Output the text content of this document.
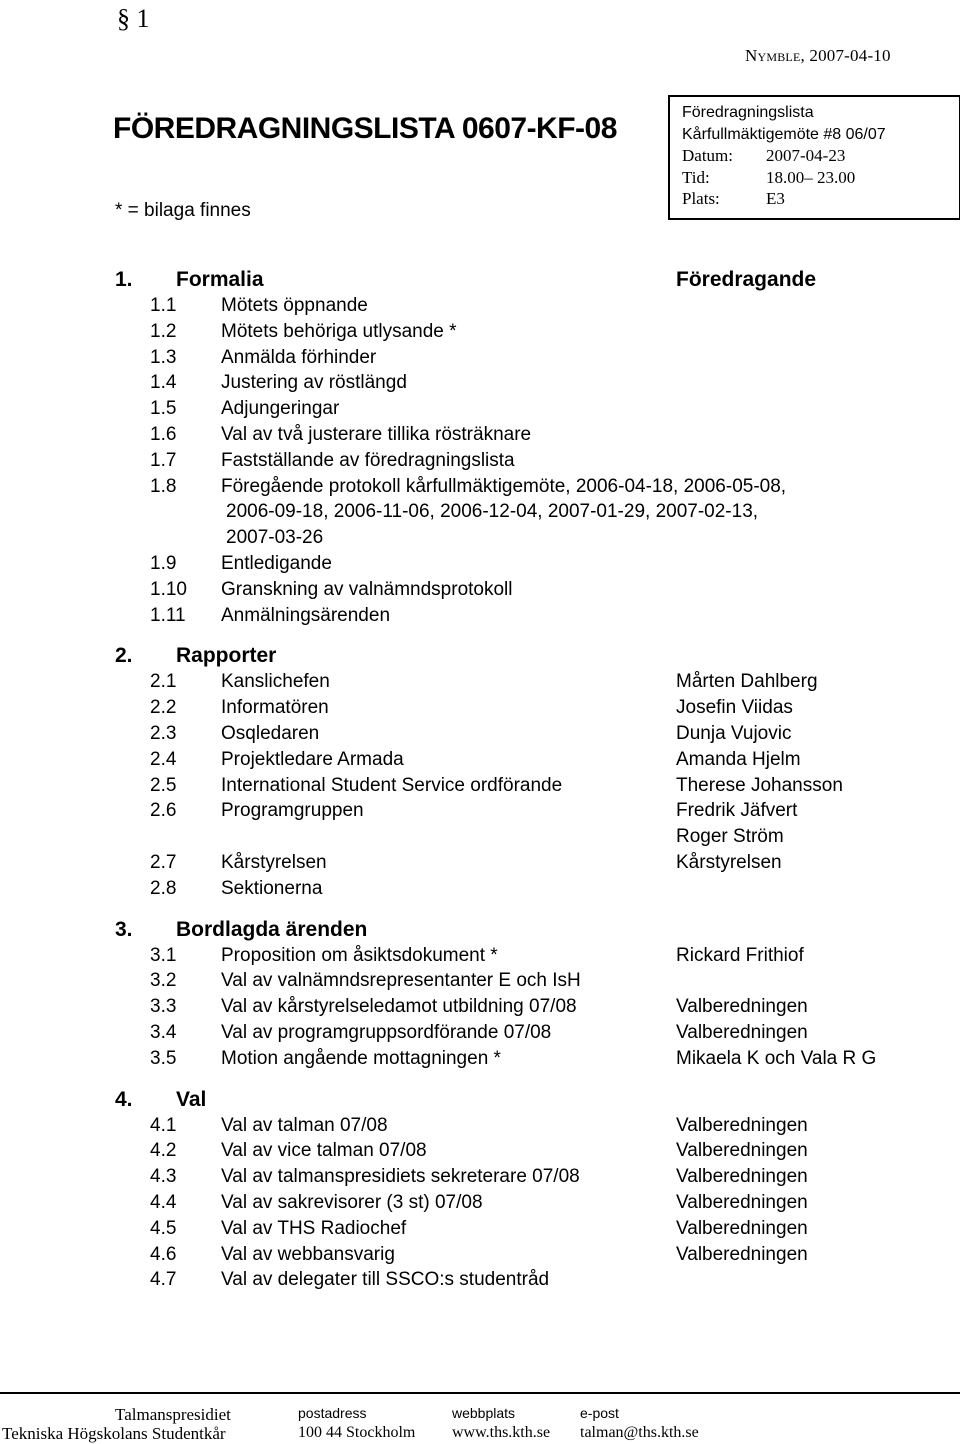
§ 1
Nymble, 2007-04-10
FÖREDRAGNINGSLISTA 0607-KF-08
* = bilaga finnes
Föredragningslista
Kårfullmäktigemöte #8 06/07
Datum: 2007-04-23
Tid:	18.00– 23.00
Plats:	E3
1. Formalia	Föredragande
1.1 Mötets öppnande
1.2 Mötets behöriga utlysande *
1.3 Anmälda förhinder
1.4 Justering av röstlängd
1.5 Adjungeringar
1.6 Val av två justerare tillika rösträknare
1.7 Fastställande av föredragningslista
1.8 Föregående protokoll kårfullmäktigemöte, 2006-04-18, 2006-05-08,
2006-09-18, 2006-11-06, 2006-12-04, 2007-01-29, 2007-02-13,
2007-03-26
1.9 Entledigande
1.10 Granskning av valnämndsprotokoll
1.11 Anmälningsärenden
2. Rapporter
2.1 Kanslichefen	Mårten Dahlberg
2.2 Informatören	Josefin Viidas
2.3 Osqledaren	Dunja Vujovic
2.4 Projektledare Armada	Amanda Hjelm
2.5 International Student Service ordförande	Therese Johansson
2.6 Programgruppen	Fredrik Jäfvert
Roger Ström
2.7 Kårstyrelsen	Kårstyrelsen
2.8 Sektionerna
3. Bordlagda ärenden
3.1 Proposition om åsiktsdokument *	Rickard Frithiof
3.2 Val av valnämndsrepresentanter E och IsH
3.3 Val av kårstyrelseledamot utbildning 07/08	Valberedningen
3.4 Val av programgruppsordförande 07/08	Valberedningen
3.5 Motion angående mottagningen *	Mikaela K och Vala R G
4. Val
4.1 Val av talman 07/08	Valberedningen
4.2 Val av vice talman 07/08	Valberedningen
4.3 Val av talmanspresidiets sekreterare 07/08	Valberedningen
4.4 Val av sakrevisorer (3 st) 07/08	Valberedningen
4.5 Val av THS Radiochef	Valberedningen
4.6 Val av webbansvarig	Valberedningen
4.7 Val av delegater till SSCO:s studentråd
Talmanspresidiet
Tekniska Högskolans Studentkår
postadress
100 44 Stockholm
webbplats
www.ths.kth.se
e-post
talman@ths.kth.se
